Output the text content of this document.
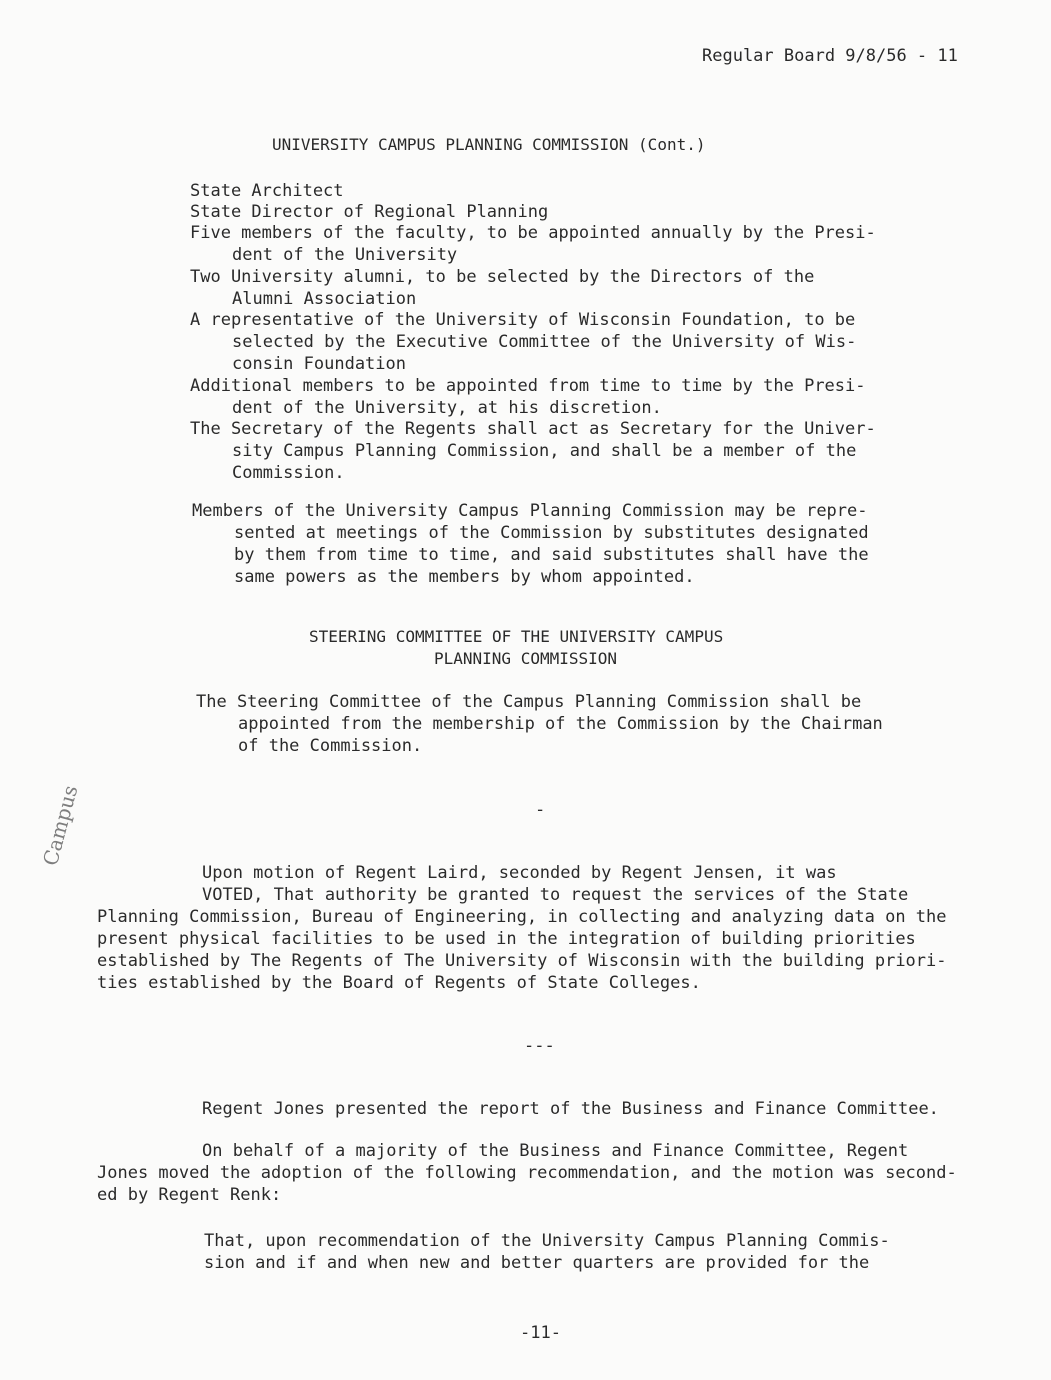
Regular Board 9/8/56 - 11
UNIVERSITY CAMPUS PLANNING COMMISSION (Cont.)
State Architect
State Director of Regional Planning
Five members of the faculty, to be appointed annually by the Presi-
dent of the University
Two University alumni, to be selected by the Directors of the
Alumni Association
A representative of the University of Wisconsin Foundation, to be
selected by the Executive Committee of the University of Wis-
consin Foundation
Additional members to be appointed from time to time by the Presi-
dent of the University, at his discretion.
The Secretary of the Regents shall act as Secretary for the Univer-
sity Campus Planning Commission, and shall be a member of the
Commission.
Members of the University Campus Planning Commission may be repre-
sented at meetings of the Commission by substitutes designated
by them from time to time, and said substitutes shall have the
same powers as the members by whom appointed.
STEERING COMMITTEE OF THE UNIVERSITY CAMPUS
PLANNING COMMISSION
The Steering Committee of the Campus Planning Commission shall be
appointed from the membership of the Commission by the Chairman
of the Commission.
-
Upon motion of Regent Laird, seconded by Regent Jensen, it was
VOTED, That authority be granted to request the services of the State
Planning Commission, Bureau of Engineering, in collecting and analyzing data on the
present physical facilities to be used in the integration of building priorities
established by The Regents of The University of Wisconsin with the building priori-
ties established by the Board of Regents of State Colleges.
Campus
---
Regent Jones presented the report of the Business and Finance Committee.
On behalf of a majority of the Business and Finance Committee, Regent
Jones moved the adoption of the following recommendation, and the motion was second-
ed by Regent Renk:
That, upon recommendation of the University Campus Planning Commis-
sion and if and when new and better quarters are provided for the
-11-
